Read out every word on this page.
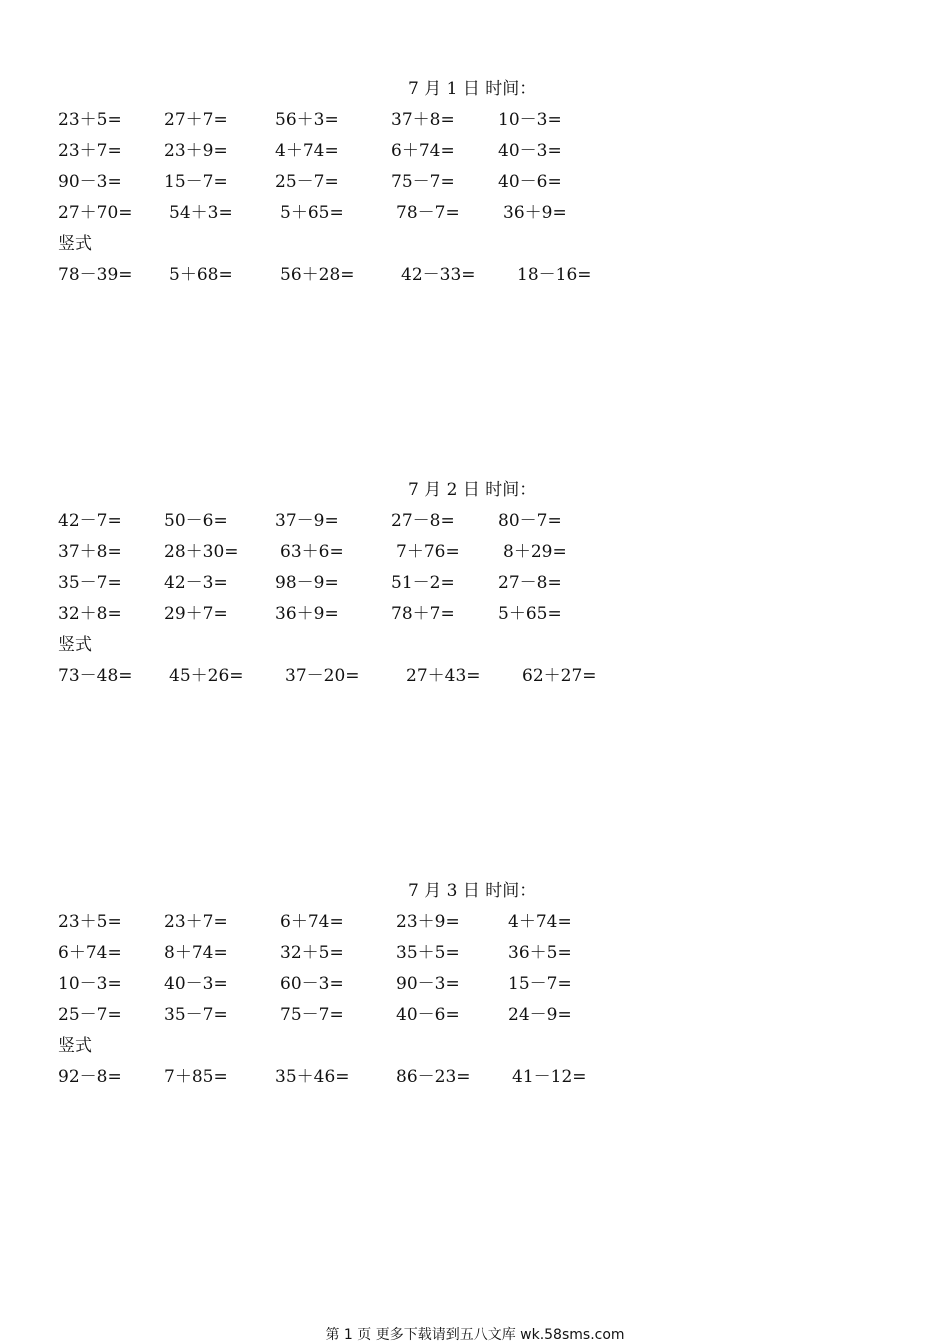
7 月 1 日 时间：
23＋5= 27＋7=	56＋3=	37＋8=	10－3=
23＋7= 23＋9=	4＋74=	6＋74=	40－3=
90－3= 15－7=	25－7=	75－7=	40－6=
27＋70= 54＋3=	5＋65=	78－7=	36＋9=
竖式
78－39= 5＋68=	56＋28=	42－33= 18－16=
7 月 2 日 时间：
42－7= 50－6=	37－9=	27－8=	80－7=
37＋8= 28＋30= 63＋6=	7＋76=	8＋29=
35－7= 42－3=	98－9=	51－2=	27－8=
32＋8= 29＋7=	36＋9=	78＋7=	5＋65=
竖式
73－48= 45＋26= 37－20=	27＋43= 62＋27=
7 月 3 日 时间：
23＋5= 23＋7=	6＋74=	23＋9=	4＋74=
6＋74= 8＋74=	32＋5=	35＋5=	36＋5=
10－3= 40－3=	60－3=	90－3=	15－7=
25－7= 35－7=	75－7=	40－6=	24－9=
竖式
92－8= 7＋85=	35＋46=	86－23= 41－12=
第 1 页 更多下载请到五八文库 wk.58sms.com
